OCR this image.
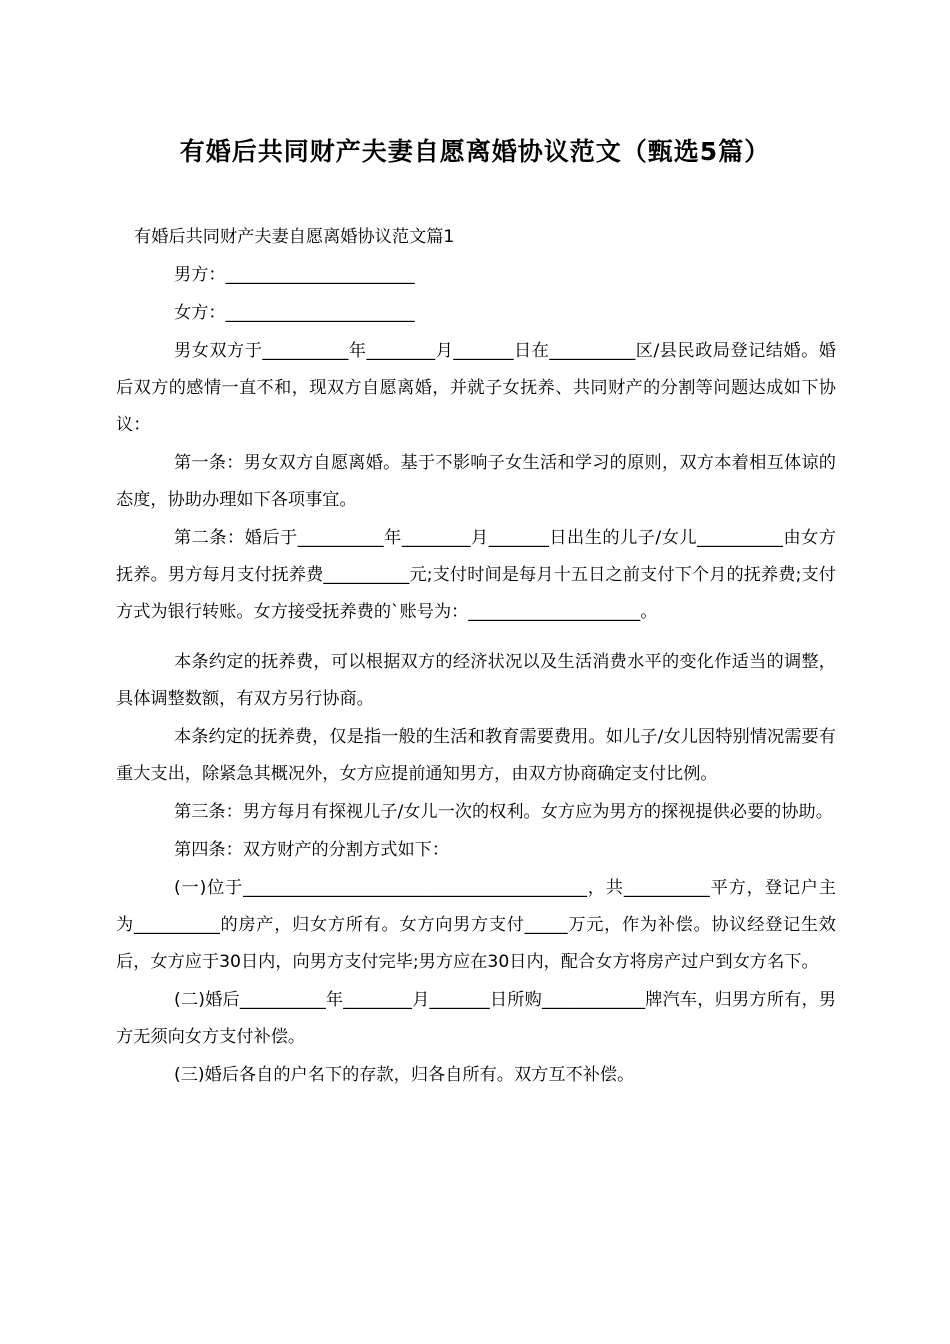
有婚后共同财产夫妻自愿离婚协议范文（甄选5篇）

有婚后共同财产夫妻自愿离婚协议范文篇1

男方：______________________

女方：______________________

男女双方于__________年________月_______日在__________区/县民政局登记结婚。婚后双方的感情一直不和，现双方自愿离婚，并就子女抚养、共同财产的分割等问题达成如下协议：

第一条：男女双方自愿离婚。基于不影响子女生活和学习的原则，双方本着相互体谅的态度，协助办理如下各项事宜。

第二条：婚后于__________年________月_______日出生的儿子/女儿__________由女方抚养。男方每月支付抚养费__________元;支付时间是每月十五日之前支付下个月的抚养费;支付方式为银行转账。女方接受抚养费的`账号为：____________________。

本条约定的抚养费，可以根据双方的经济状况以及生活消费水平的变化作适当的调整，具体调整数额，有双方另行协商。

本条约定的抚养费，仅是指一般的生活和教育需要费用。如儿子/女儿因特别情况需要有重大支出，除紧急其概况外，女方应提前通知男方，由双方协商确定支付比例。

第三条：男方每月有探视儿子/女儿一次的权利。女方应为男方的探视提供必要的协助。

第四条：双方财产的分割方式如下：

(一)位于________________________________________，共__________平方，登记户主为__________的房产，归女方所有。女方向男方支付_____万元，作为补偿。协议经登记生效后，女方应于30日内，向男方支付完毕;男方应在30日内，配合女方将房产过户到女方名下。

(二)婚后__________年________月_______日所购____________牌汽车，归男方所有，男方无须向女方支付补偿。

(三)婚后各自的户名下的存款，归各自所有。双方互不补偿。
